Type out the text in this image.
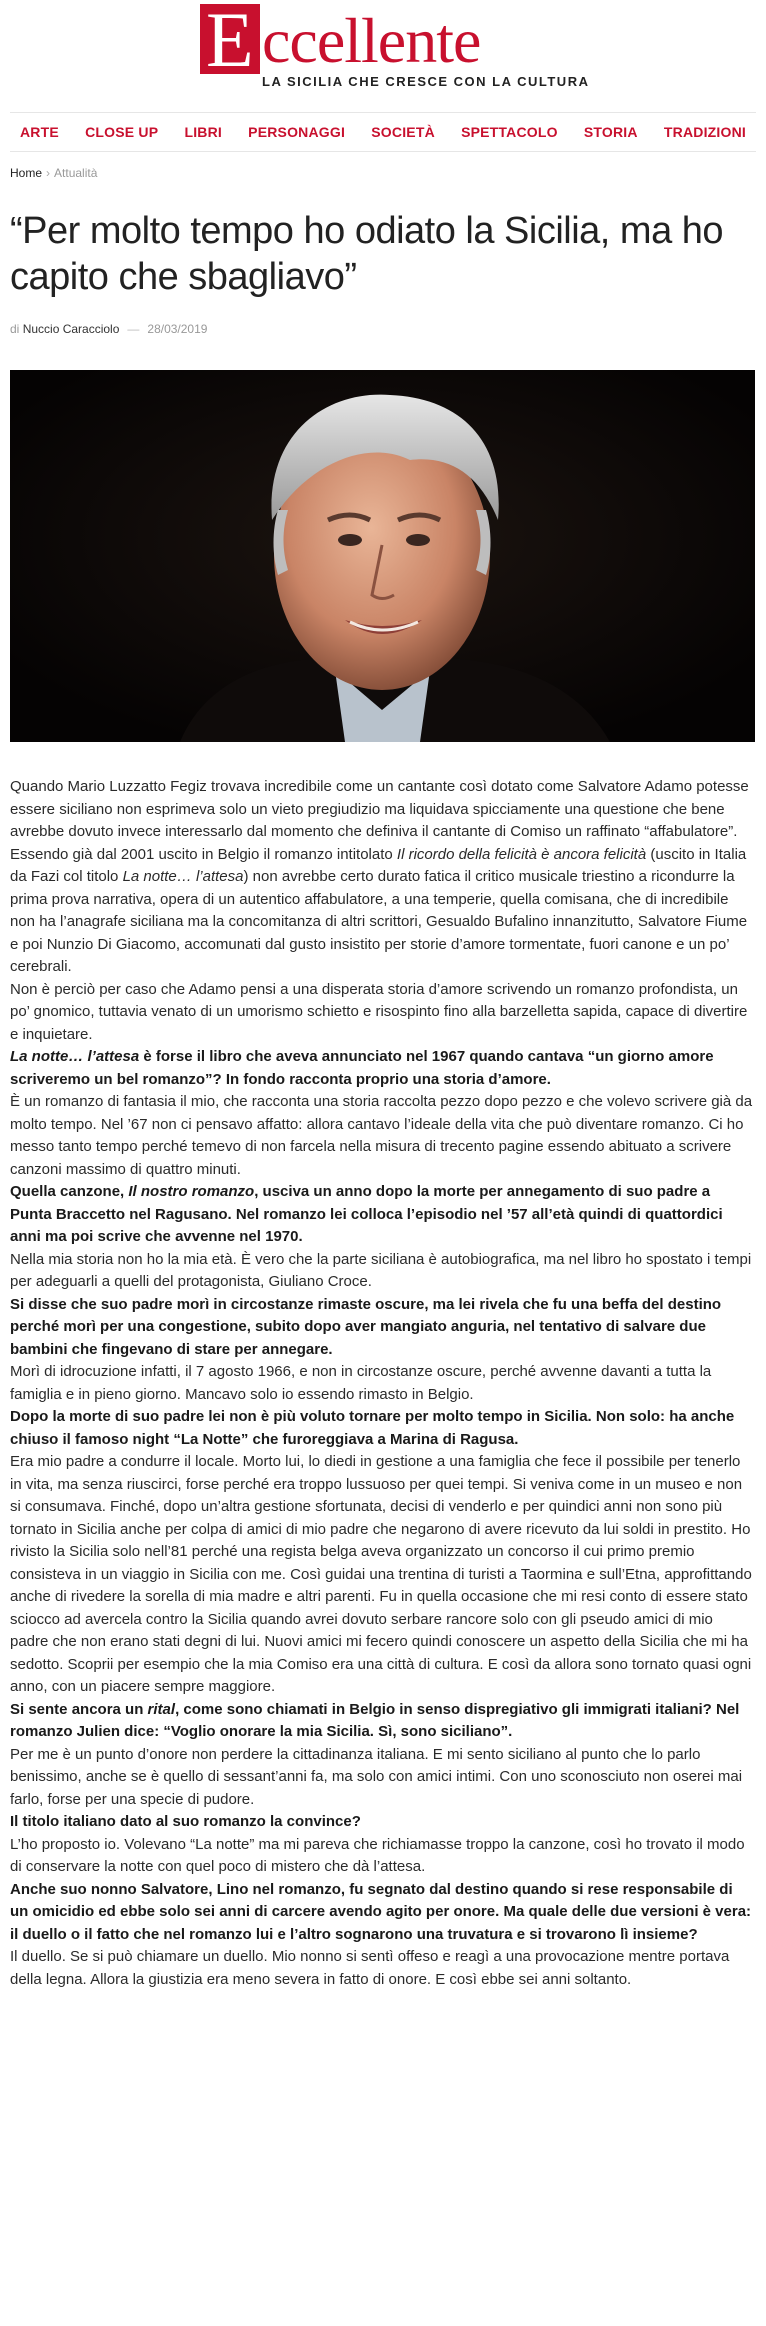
E ccellente
LA SICILIA CHE CRESCE CON LA CULTURA
ARTE CLOSE UP LIBRI PERSONAGGI SOCIETÀ SPETTACOLO STORIA TRADIZIONI
Home › Attualità
“Per molto tempo ho odiato la Sicilia, ma ho capito che sbagliavo”
di Nuccio Caracciolo — 28/03/2019

Quando Mario Luzzatto Fegiz trovava incredibile come un cantante così dotato come Salvatore Adamo potesse essere siciliano non esprimeva solo un vieto pregiudizio ma liquidava spicciamente una questione che bene avrebbe dovuto invece interessarlo dal momento che definiva il cantante di Comiso un raffinato “affabulatore”. Essendo già dal 2001 uscito in Belgio il romanzo intitolato Il ricordo della felicità è ancora felicità (uscito in Italia da Fazi col titolo La notte… l’attesa) non avrebbe certo durato fatica il critico musicale triestino a ricondurre la prima prova narrativa, opera di un autentico affabulatore, a una temperie, quella comisana, che di incredibile non ha l’anagrafe siciliana ma la concomitanza di altri scrittori, Gesualdo Bufalino innanzitutto, Salvatore Fiume e poi Nunzio Di Giacomo, accomunati dal gusto insistito per storie d’amore tormentate, fuori canone e un po’ cerebrali.

Non è perciò per caso che Adamo pensi a una disperata storia d’amore scrivendo un romanzo profondista, un po’ gnomico, tuttavia venato di un umorismo schietto e risospinto fino alla barzelletta sapida, capace di divertire e inquietare.

La notte… l’attesa è forse il libro che aveva annunciato nel 1967 quando cantava “un giorno amore scriveremo un bel romanzo”? In fondo racconta proprio una storia d’amore.

È un romanzo di fantasia il mio, che racconta una storia raccolta pezzo dopo pezzo e che volevo scrivere già da molto tempo. Nel ’67 non ci pensavo affatto: allora cantavo l’ideale della vita che può diventare romanzo. Ci ho messo tanto tempo perché temevo di non farcela nella misura di trecento pagine essendo abituato a scrivere canzoni massimo di quattro minuti.

Quella canzone, Il nostro romanzo, usciva un anno dopo la morte per annegamento di suo padre a Punta Braccetto nel Ragusano. Nel romanzo lei colloca l’episodio nel ’57 all’età quindi di quattordici anni ma poi scrive che avvenne nel 1970.

Nella mia storia non ho la mia età. È vero che la parte siciliana è autobiografica, ma nel libro ho spostato i tempi per adeguarli a quelli del protagonista, Giuliano Croce.

Si disse che suo padre morì in circostanze rimaste oscure, ma lei rivela che fu una beffa del destino perché morì per una congestione, subito dopo aver mangiato anguria, nel tentativo di salvare due bambini che fingevano di stare per annegare.

Morì di idrocuzione infatti, il 7 agosto 1966, e non in circostanze oscure, perché avvenne davanti a tutta la famiglia e in pieno giorno. Mancavo solo io essendo rimasto in Belgio.

Dopo la morte di suo padre lei non è più voluto tornare per molto tempo in Sicilia. Non solo: ha anche chiuso il famoso night “La Notte” che furoreggiava a Marina di Ragusa.

Era mio padre a condurre il locale. Morto lui, lo diedi in gestione a una famiglia che fece il possibile per tenerlo in vita, ma senza riuscirci, forse perché era troppo lussuoso per quei tempi. Si veniva come in un museo e non si consumava. Finché, dopo un’altra gestione sfortunata, decisi di venderlo e per quindici anni non sono più tornato in Sicilia anche per colpa di amici di mio padre che negarono di avere ricevuto da lui soldi in prestito. Ho rivisto la Sicilia solo nell’81 perché una regista belga aveva organizzato un concorso il cui primo premio consisteva in un viaggio in Sicilia con me. Così guidai una trentina di turisti a Taormina e sull’Etna, approfittando anche di rivedere la sorella di mia madre e altri parenti. Fu in quella occasione che mi resi conto di essere stato sciocco ad avercela contro la Sicilia quando avrei dovuto serbare rancore solo con gli pseudo amici di mio padre che non erano stati degni di lui. Nuovi amici mi fecero quindi conoscere un aspetto della Sicilia che mi ha sedotto. Scoprii per esempio che la mia Comiso era una città di cultura. E così da allora sono tornato quasi ogni anno, con un piacere sempre maggiore.

Si sente ancora un rital, come sono chiamati in Belgio in senso dispregiativo gli immigrati italiani? Nel romanzo Julien dice: “Voglio onorare la mia Sicilia. Sì, sono siciliano”.

Per me è un punto d’onore non perdere la cittadinanza italiana. E mi sento siciliano al punto che lo parlo benissimo, anche se è quello di sessant’anni fa, ma solo con amici intimi. Con uno sconosciuto non oserei mai farlo, forse per una specie di pudore.

Il titolo italiano dato al suo romanzo la convince?

L’ho proposto io. Volevano “La notte” ma mi pareva che richiamasse troppo la canzone, così ho trovato il modo di conservare la notte con quel poco di mistero che dà l’attesa.

Anche suo nonno Salvatore, Lino nel romanzo, fu segnato dal destino quando si rese responsabile di un omicidio ed ebbe solo sei anni di carcere avendo agito per onore. Ma quale delle due versioni è vera: il duello o il fatto che nel romanzo lui e l’altro sognarono una truvatura e si trovarono lì insieme?

Il duello. Se si può chiamare un duello. Mio nonno si sentì offeso e reagì a una provocazione mentre portava della legna. Allora la giustizia era meno severa in fatto di onore. E così ebbe sei anni soltanto.
